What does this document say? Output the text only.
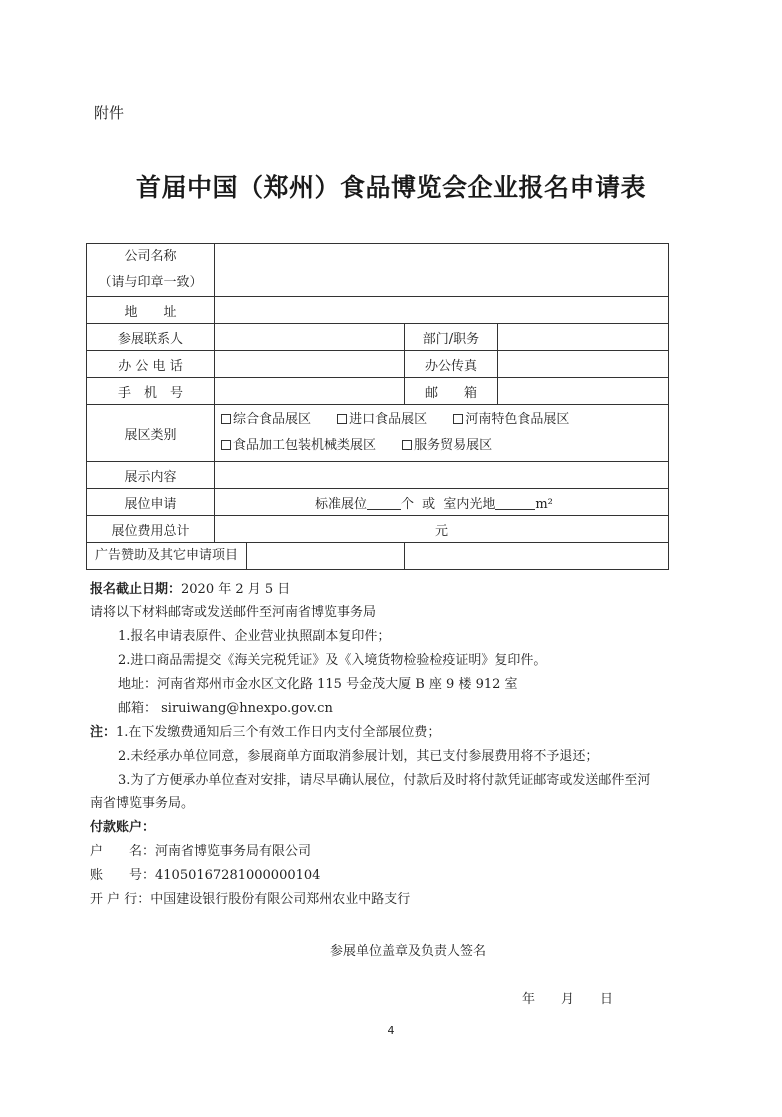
附件
首届中国（郑州）食品博览会企业报名申请表
公司名称
（请与印章一致）			

地　　址			
参展联系人		部门/职务	
办 公 电 话		办公传真	
手　机　号		邮　　箱	
展区类别	综合食品展区 进口食品展区 河南特色食品展区
食品加工包装机械类展区 服务贸易展区		

展示内容			
展位申请	标准展位 个 或 室内光地 m²		
展位费用总计	元		

广告赞助及其它申请项目			

报名截止日期：2020 年 2 月 5 日
请将以下材料邮寄或发送邮件至河南省博览事务局
1.报名申请表原件、企业营业执照副本复印件；
2.进口商品需提交《海关完税凭证》及《入境货物检验检疫证明》复印件。
地址：河南省郑州市金水区文化路 115 号金茂大厦 B 座 9 楼 912 室
邮箱： siruiwang@hnexpo.gov.cn
注：1.在下发缴费通知后三个有效工作日内支付全部展位费；
2.未经承办单位同意，参展商单方面取消参展计划，其已支付参展费用将不予退还；
3.为了方便承办单位查对安排，请尽早确认展位，付款后及时将付款凭证邮寄或发送邮件至河
南省博览事务局。
付款账户：
户　　名：河南省博览事务局有限公司
账　　号：41050167281000000104
开 户 行：中国建设银行股份有限公司郑州农业中路支行
参展单位盖章及负责人签名
年　　月　　日
4
